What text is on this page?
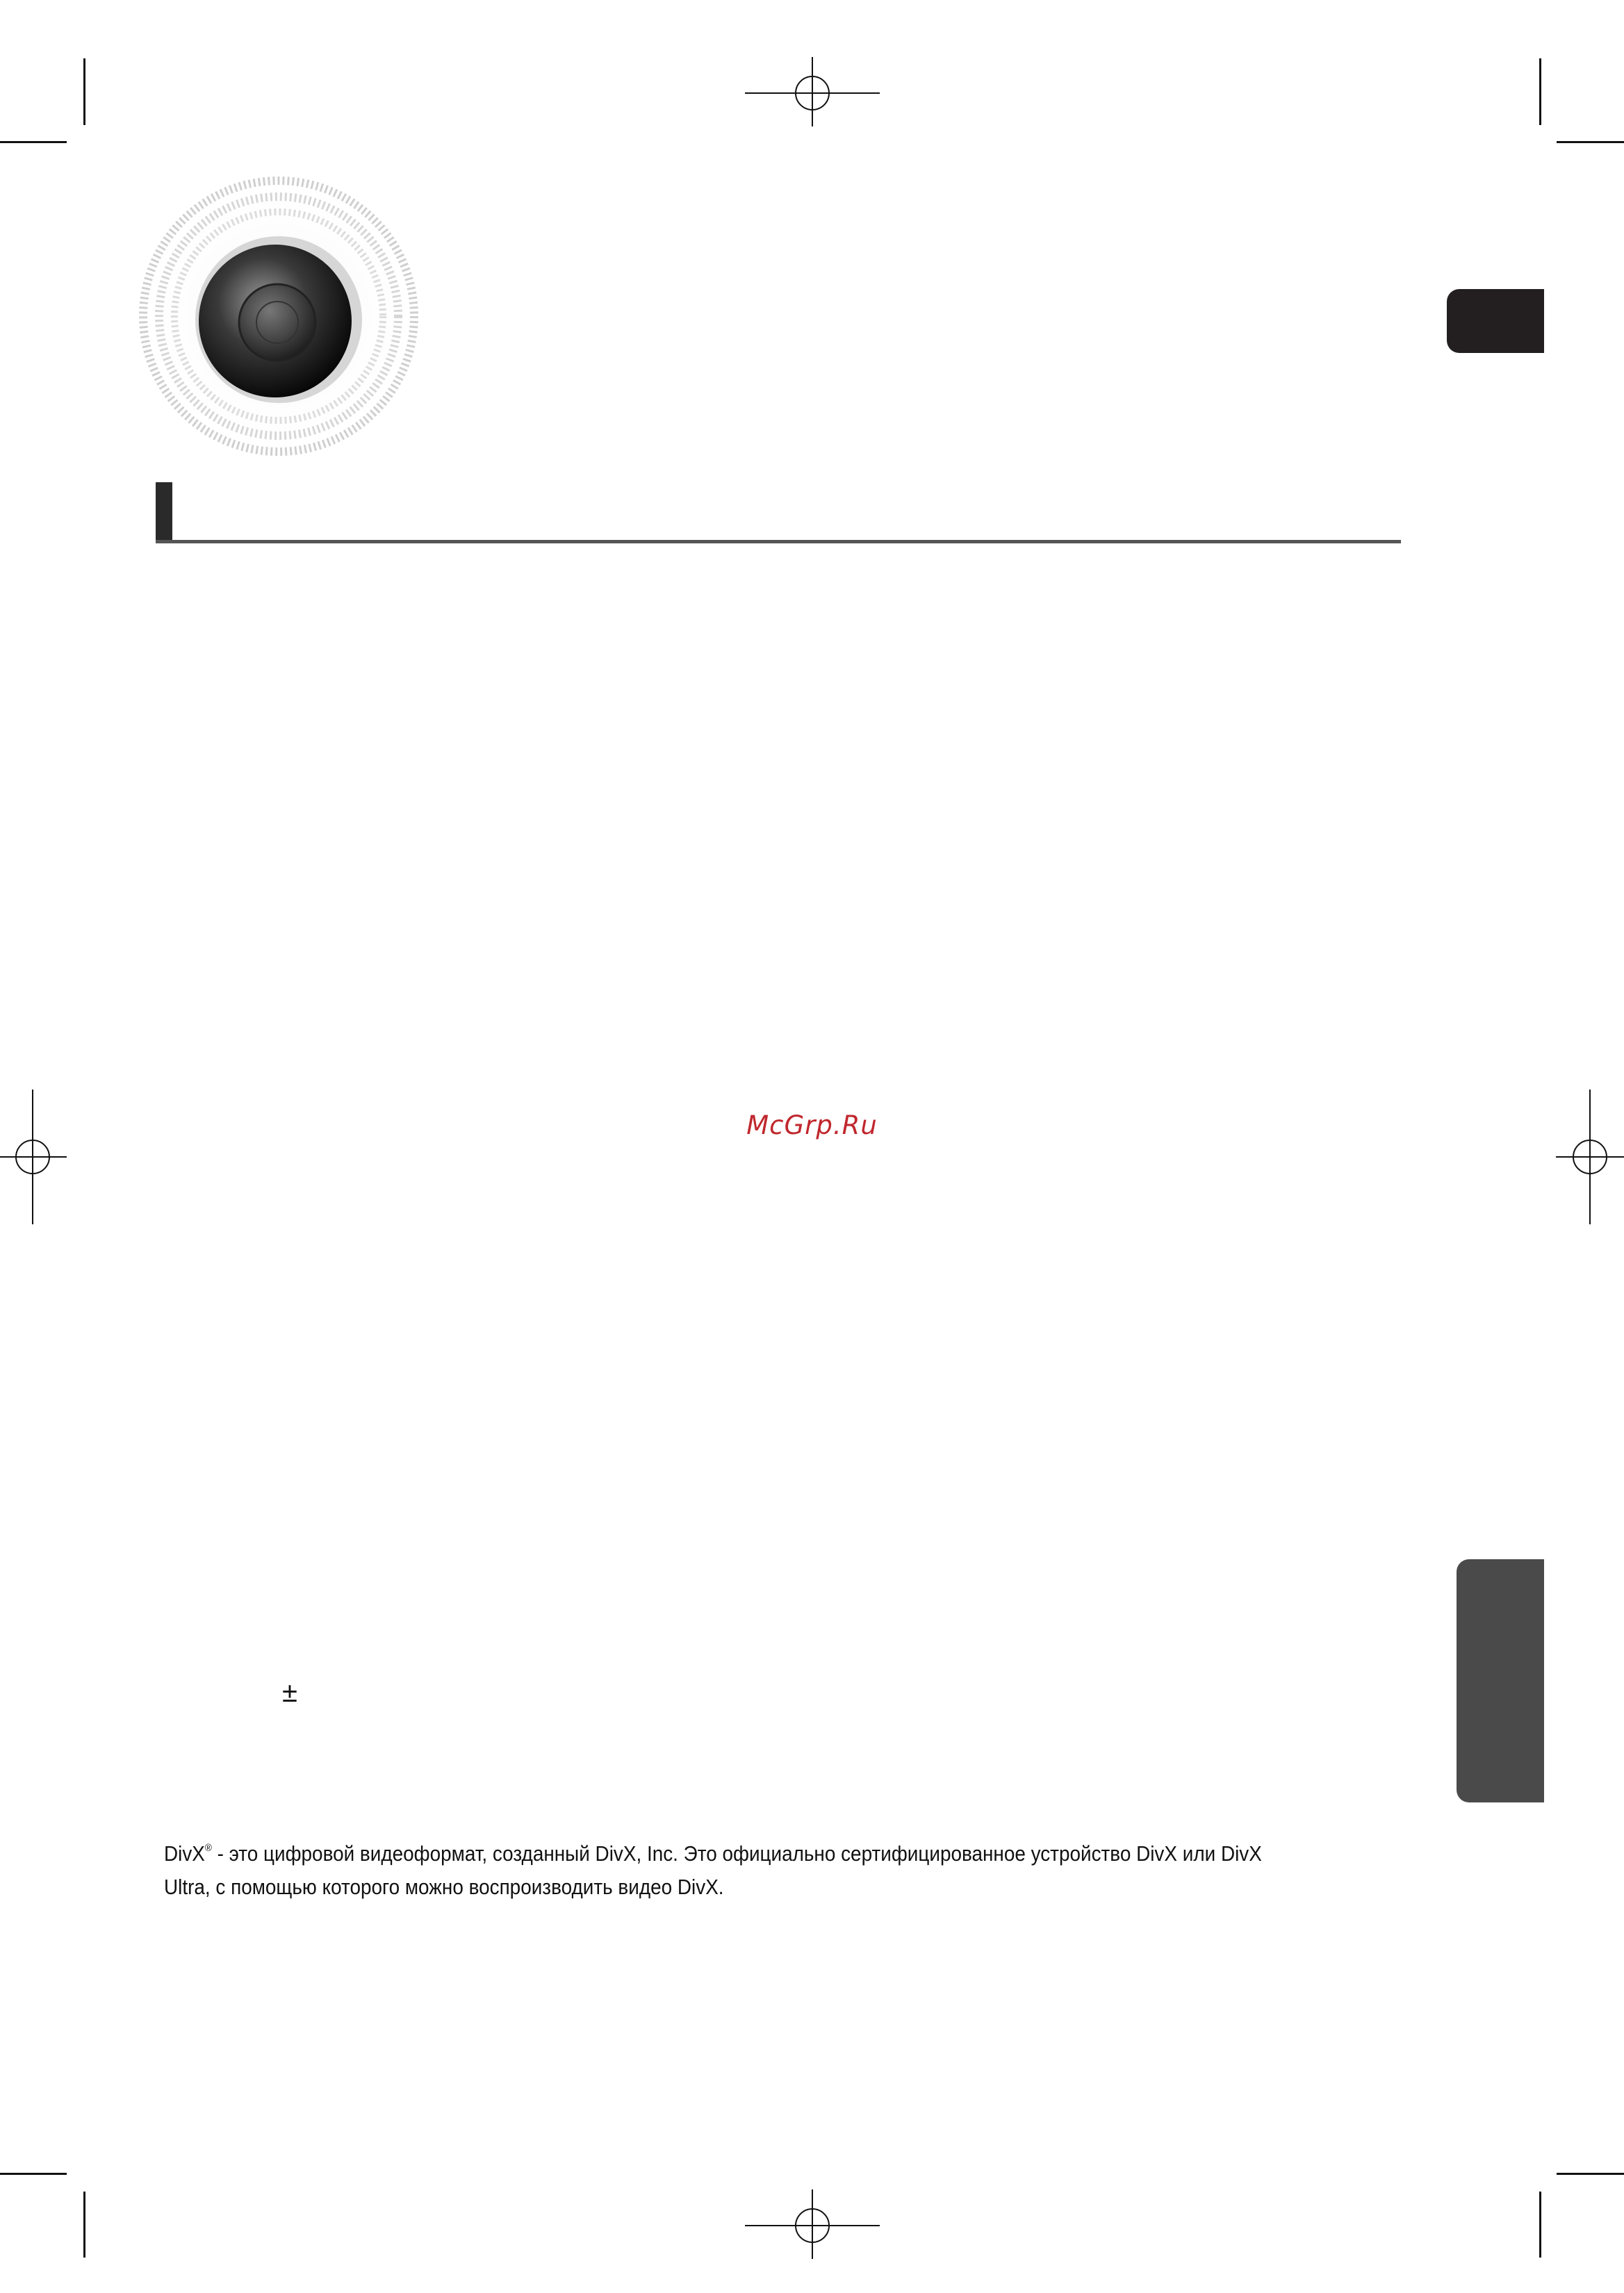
McGrp.Ru
±
DivX® - это цифровой видеоформат, созданный DivX, Inc. Это официально сертифицированное устройство DivX или DivX
Ultra, с помощью которого можно воспроизводить видео DivX.
